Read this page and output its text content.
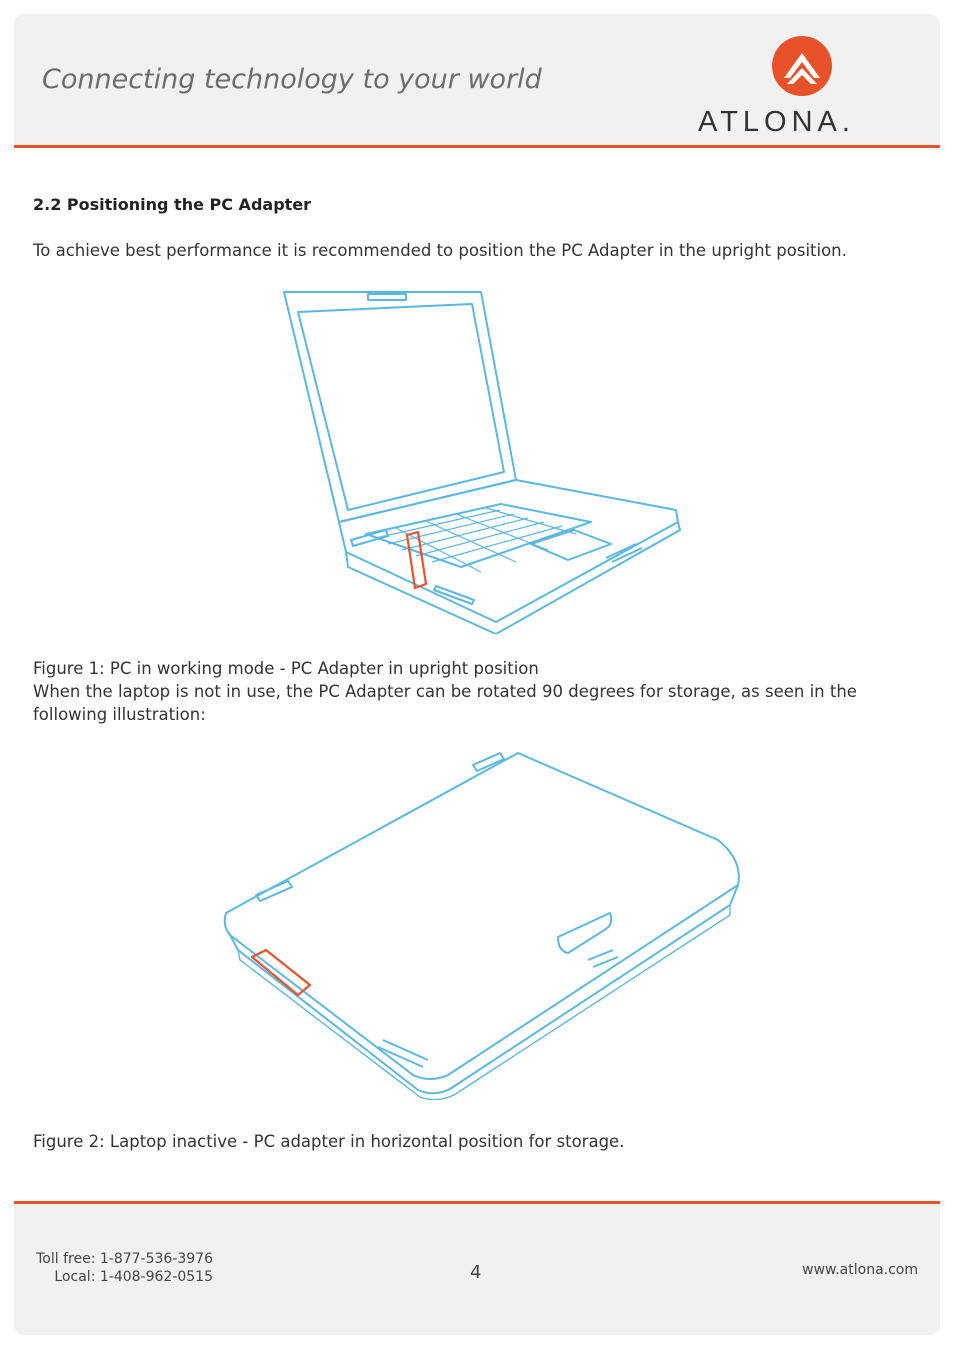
Connecting technology to your world
ATLONA.
2.2 Positioning the PC Adapter
To achieve best performance it is recommended to position the PC Adapter in the upright position.
Figure 1: PC in working mode - PC Adapter in upright position
When the laptop is not in use, the PC Adapter can be rotated 90 degrees for storage, as seen in the following illustration:
Figure 2: Laptop inactive - PC adapter in horizontal position for storage.
Toll free: 1-877-536-3976
Local: 1-408-962-0515	4	www.atlona.com
